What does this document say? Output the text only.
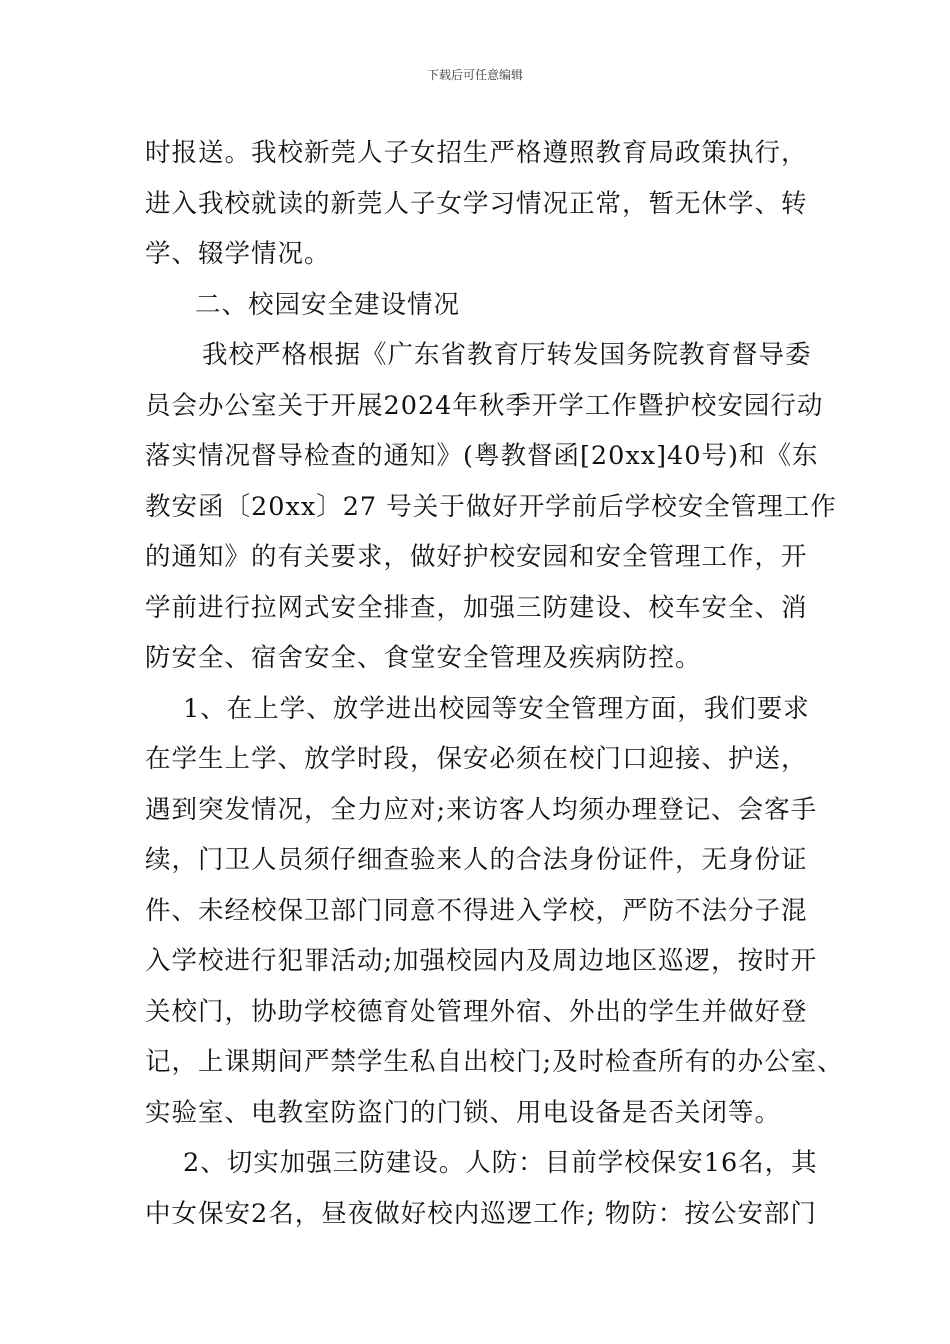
下载后可任意编辑
时报送。我校新莞人子女招生严格遵照教育局政策执行，
进入我校就读的新莞人子女学习情况正常，暂无休学、转
学、辍学情况。
二、校园安全建设情况
我校严格根据《广东省教育厅转发国务院教育督导委
员会办公室关于开展2024年秋季开学工作暨护校安园行动
落实情况督导检查的通知》(粤教督函[20xx]40号)和《东
教安函〔20xx〕27 号关于做好开学前后学校安全管理工作
的通知》的有关要求，做好护校安园和安全管理工作，开
学前进行拉网式安全排查，加强三防建设、校车安全、消
防安全、宿舍安全、食堂安全管理及疾病防控。
1、在上学、放学进出校园等安全管理方面，我们要求
在学生上学、放学时段，保安必须在校门口迎接、护送，
遇到突发情况，全力应对;来访客人均须办理登记、会客手
续，门卫人员须仔细查验来人的合法身份证件，无身份证
件、未经校保卫部门同意不得进入学校，严防不法分子混
入学校进行犯罪活动;加强校园内及周边地区巡逻，按时开
关校门，协助学校德育处管理外宿、外出的学生并做好登
记，上课期间严禁学生私自出校门;及时检查所有的办公室、
实验室、电教室防盗门的门锁、用电设备是否关闭等。
2、切实加强三防建设。人防：目前学校保安16名，其
中女保安2名，昼夜做好校内巡逻工作; 物防：按公安部门
